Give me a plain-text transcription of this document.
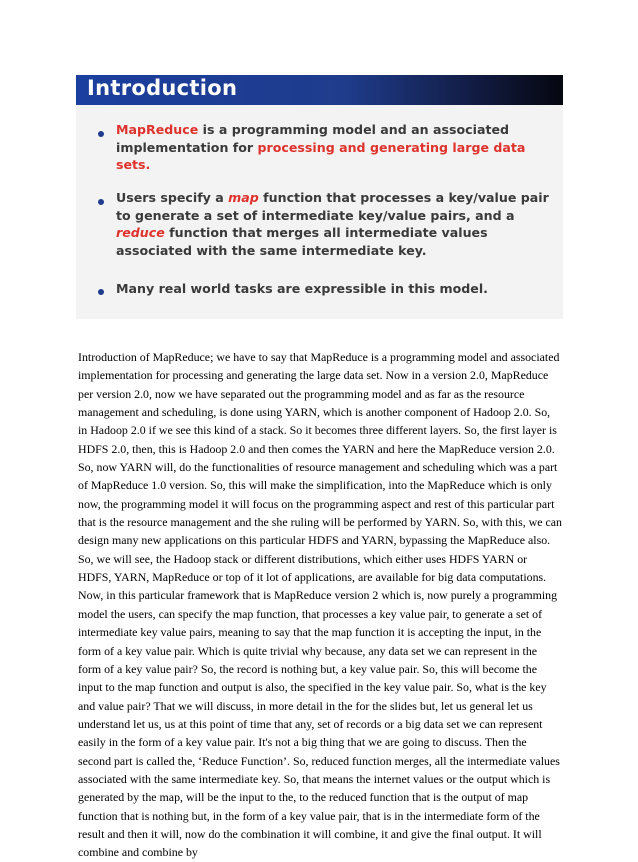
Introduction
MapReduce is a programming model and an associated implementation for processing and generating large data sets.
Users specify a map function that processes a key/value pair to generate a set of intermediate key/value pairs, and a reduce function that merges all intermediate values associated with the same intermediate key.
Many real world tasks are expressible in this model.
Introduction of MapReduce; we have to say that MapReduce is a programming model and associated implementation for processing and generating the large data set. Now in a version 2.0, MapReduce per version 2.0, now we have separated out the programming model and as far as the resource management and scheduling, is done using YARN, which is another component of Hadoop 2.0. So, in Hadoop 2.0 if we see this kind of a stack. So it becomes three different layers. So, the first layer is HDFS 2.0, then, this is Hadoop 2.0 and then comes the YARN and here the MapReduce version 2.0. So, now YARN will, do the functionalities of resource management and scheduling which was a part of MapReduce 1.0 version. So, this will make the simplification, into the MapReduce which is only now, the programming model it will focus on the programming aspect and rest of this particular part that is the resource management and the she ruling will be performed by YARN. So, with this, we can design many new applications on this particular HDFS and YARN, bypassing the MapReduce also. So, we will see, the Hadoop stack or different distributions, which either uses HDFS YARN or HDFS, YARN, MapReduce or top of it lot of applications, are available for big data computations. Now, in this particular framework that is MapReduce version 2 which is, now purely a programming model the users, can specify the map function, that processes a key value pair, to generate a set of intermediate key value pairs, meaning to say that the map function it is accepting the input, in the form of a key value pair. Which is quite trivial why because, any data set we can represent in the form of a key value pair? So, the record is nothing but, a key value pair. So, this will become the input to the map function and output is also, the specified in the key value pair. So, what is the key and value pair? That we will discuss, in more detail in the for the slides but, let us general let us understand let us, us at this point of time that any, set of records or a big data set we can represent easily in the form of a key value pair. It's not a big thing that we are going to discuss. Then the second part is called the, ‘Reduce Function’. So, reduced function merges, all the intermediate values associated with the same intermediate key. So, that means the internet values or the output which is generated by the map, will be the input to the, to the reduced function that is the output of map function that is nothing but, in the form of a key value pair, that is in the intermediate form of the result and then it will, now do the combination it will combine, it and give the final output. It will combine and combine by
